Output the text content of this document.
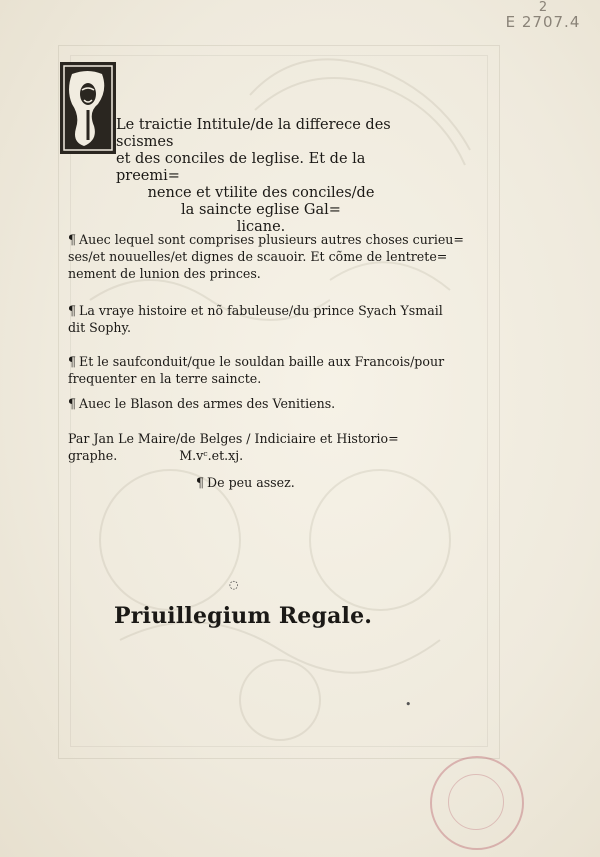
2
E 2707.4
Le traictie Intitule/de la differece des scismes
et des conciles de leglise. Et de la preemi=
nence et vtilite des conciles/de
la saincte eglise Gal=
licane.
¶ Auec lequel sont comprises plusieurs autres choses curieu=
ses/et nouuelles/et dignes de scauoir. Et cõme de lentrete=
nement de lunion des princes.
¶ La vraye histoire et nõ fabuleuse/du prince Syach Ysmail
dit Sophy.
¶ Et le saufconduit/que le souldan baille aux Francois/pour
frequenter en la terre saincte.
¶ Auec le Blason des armes des Venitiens.
Par Jan Le Maire/de Belges / Indiciaire et Historio=
graphe.	M.vᶜ.et.xj.
¶ De peu assez.
◌
Priuillegium Regale.
•
